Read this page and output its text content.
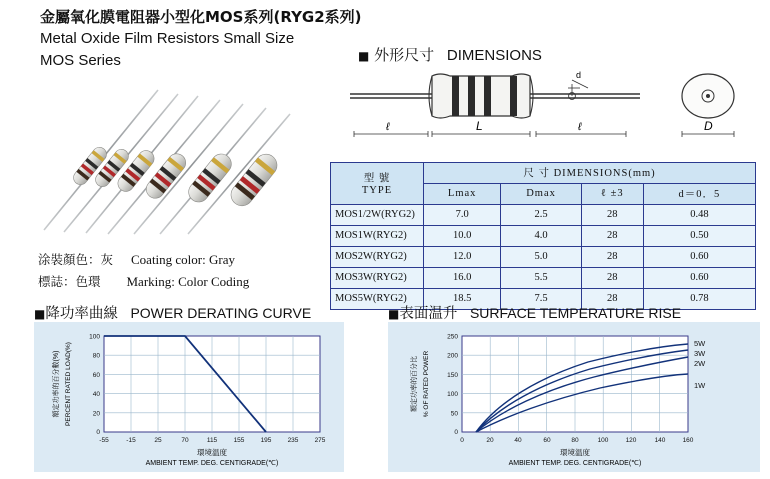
金屬氧化膜電阻器小型化MOS系列(RYG2系列)
Metal Oxide Film Resistors Small Size
MOS Series
涂裝顏色：灰 Coating color: Gray
標誌：色環 Marking: Color Coding
■ 外形尺寸 DIMENSIONS
d
ℓ	L	ℓ	D
型 號
TYPE	尺 寸 DIMENSIONS(mm)			
	Lmax	Dmax	ℓ ±3	d＝0．5
MOS1/2W(RYG2)	7.0	2.5	28	0.48
MOS1W(RYG2)	10.0	4.0	28	0.50
MOS2W(RYG2)	12.0	5.0	28	0.60
MOS3W(RYG2)	16.0	5.5	28	0.60
MOS5W(RYG2)	18.5	7.5	28	0.78
■降功率曲線 POWER DERATING CURVE	■表面温升 SURFACE TEMPERATURE RISE
100
80
60
40
20
0
-55	-15	25	70	115	155 195 235 275
環境温度
AMBIENT TEMP. DEG. CENTIGRADE(℃)
額定功率的百分數(%) PERCENT RATED LOAD(%)	5W
3W
2W
1W
250
200
150
100
50
0
0	20	40	60	80	100	120	140	160
環境温度
AMBIENT TEMP. DEG. CENTIGRADE(℃)
額定功率的百分比 % OF RATED POWER
